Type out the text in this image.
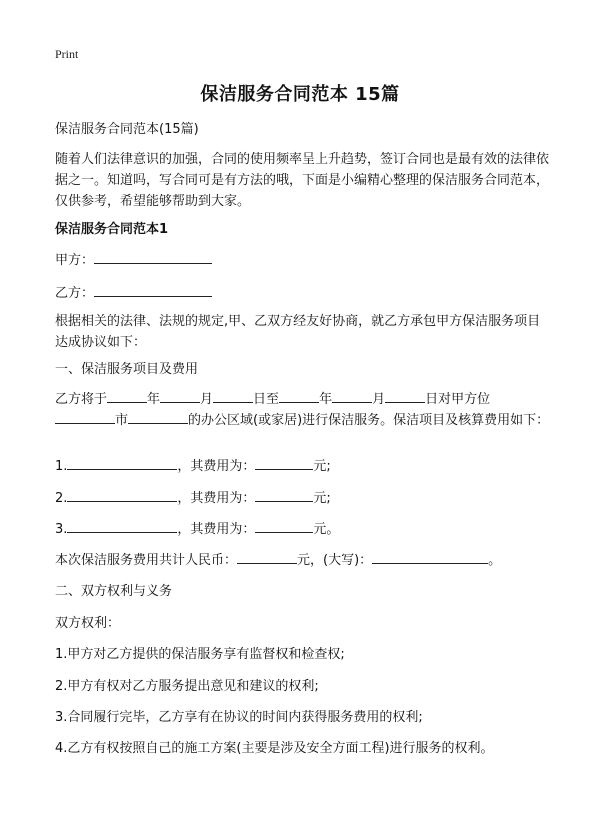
Print
保洁服务合同范本 15篇
保洁服务合同范本(15篇)
随着人们法律意识的加强，合同的使用频率呈上升趋势，签订合同也是最有效的法律依据之一。知道吗，写合同可是有方法的哦，下面是小编精心整理的保洁服务合同范本，仅供参考，希望能够帮助到大家。
保洁服务合同范本1
甲方：
乙方：
根据相关的法律、法规的规定,甲、乙双方经友好协商，就乙方承包甲方保洁服务项目达成协议如下：
一、保洁服务项目及费用
乙方将于	年	月	日至	年	月	日对甲方位
市	的办公区域(或家居)进行保洁服务。保洁项目及核算费用如下：
1.	，其费用为：	元;
2.	，其费用为：	元;
3.	，其费用为：	元。
本次保洁服务费用共计人民币：	元，(大写)：	。
二、双方权利与义务
双方权利：
1.甲方对乙方提供的保洁服务享有监督权和检查权;
2.甲方有权对乙方服务提出意见和建议的权利;
3.合同履行完毕，乙方享有在协议的时间内获得服务费用的权利;
4.乙方有权按照自己的施工方案(主要是涉及安全方面工程)进行服务的权利。
